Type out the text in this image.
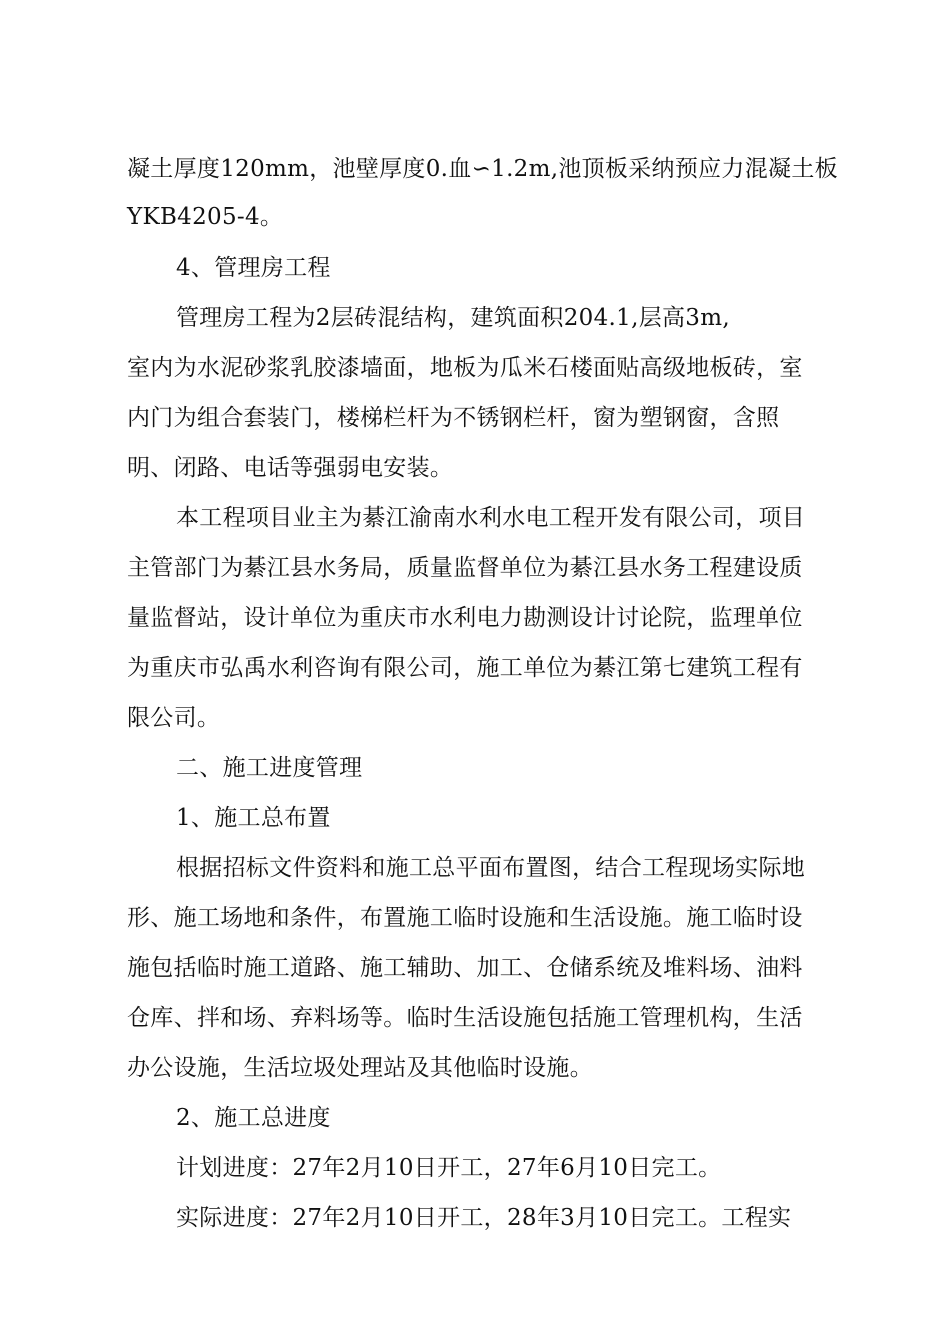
凝土厚度120mm，池壁厚度0.血∽1.2m,池顶板采纳预应力混凝土板
YKB4205-4。
4、管理房工程
管理房工程为2层砖混结构，建筑面积204.1,层高3m,
室内为水泥砂浆乳胶漆墙面，地板为瓜米石楼面贴高级地板砖，室
内门为组合套装门，楼梯栏杆为不锈钢栏杆，窗为塑钢窗，含照
明、闭路、电话等强弱电安装。
本工程项目业主为綦江渝南水利水电工程开发有限公司，项目
主管部门为綦江县水务局，质量监督单位为綦江县水务工程建设质
量监督站，设计单位为重庆市水利电力勘测设计讨论院，监理单位
为重庆市弘禹水利咨询有限公司，施工单位为綦江第七建筑工程有
限公司。
二、施工进度管理
1、施工总布置
根据招标文件资料和施工总平面布置图，结合工程现场实际地
形、施工场地和条件，布置施工临时设施和生活设施。施工临时设
施包括临时施工道路、施工辅助、加工、仓储系统及堆料场、油料
仓库、拌和场、弃料场等。临时生活设施包括施工管理机构，生活
办公设施，生活垃圾处理站及其他临时设施。
2、施工总进度
计划进度：27年2月10日开工，27年6月10日完工。
实际进度：27年2月10日开工，28年3月10日完工。工程实
